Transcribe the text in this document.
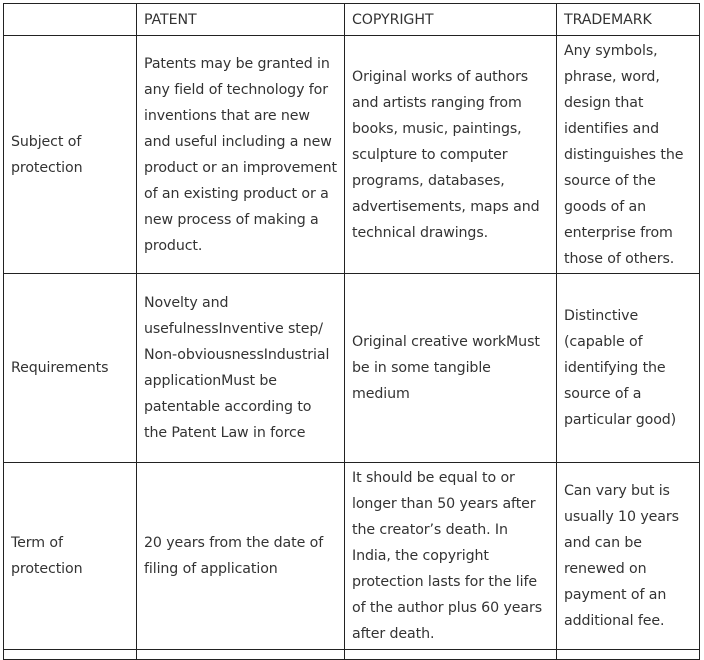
	PATENT	COPYRIGHT	TRADEMARK
Subject of protection	Patents may be granted in any field of technology for inventions that are new and useful including a new product or an improvement of an existing product or a new process of making a product.	Original works of authors and artists ranging from books, music, paintings, sculpture to computer programs, databases, advertisements, maps and technical drawings.	Any symbols, phrase, word, design that identifies and distinguishes the source of the goods of an enterprise from those of others.
Requirements	Novelty and usefulnessInventive step/ Non-obviousnessIndustrial applicationMust be patentable according to the Patent Law in force	Original creative workMust be in some tangible medium	Distinctive (capable of identifying the source of a particular good)
Term of protection	20 years from the date of filing of application	It should be equal to or longer than 50 years after the creator’s death. In India, the copyright protection lasts for the life of the author plus 60 years after death.	Can vary but is usually 10 years and can be renewed on payment of an additional fee.
